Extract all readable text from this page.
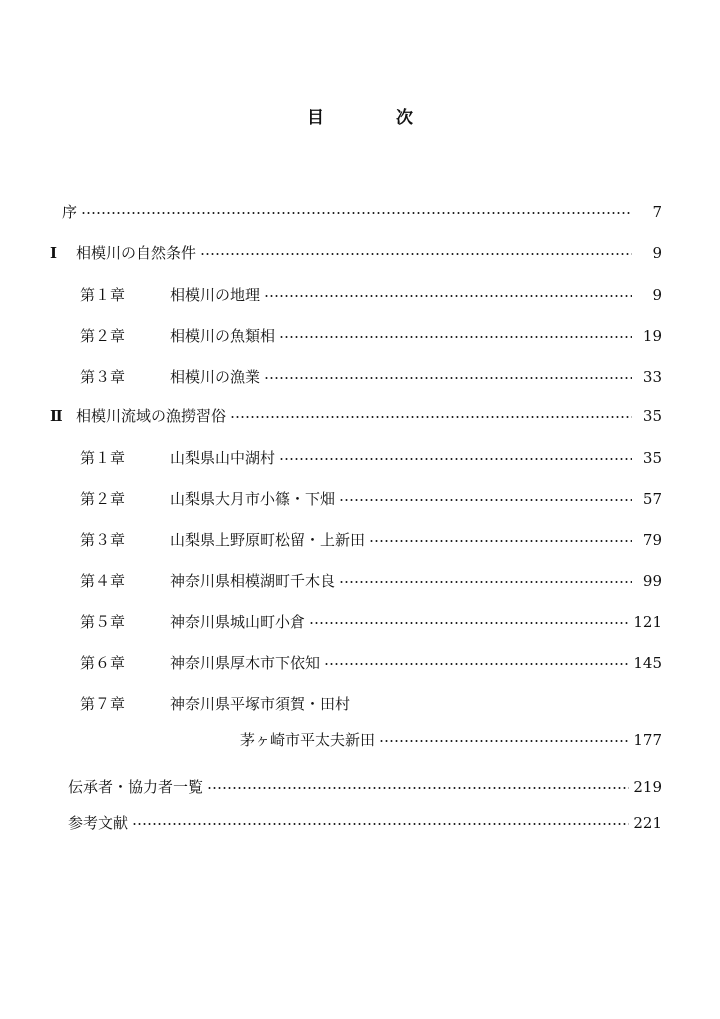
目	次
序	7
Ⅰ	相模川の自然条件	9
第１章	相模川の地理	9
第２章	相模川の魚類相	19
第３章	相模川の漁業	33
Ⅱ 相模川流域の漁撈習俗	35
第１章	山梨県山中湖村	35
第２章	山梨県大月市小篠・下畑	57
第３章	山梨県上野原町松留・上新田	79
第４章	神奈川県相模湖町千木良	99
第５章	神奈川県城山町小倉	121
第６章	神奈川県厚木市下依知	145
第７章	神奈川県平塚市須賀・田村
茅ヶ崎市平太夫新田	177
伝承者・協力者一覧	219
参考文献	221
